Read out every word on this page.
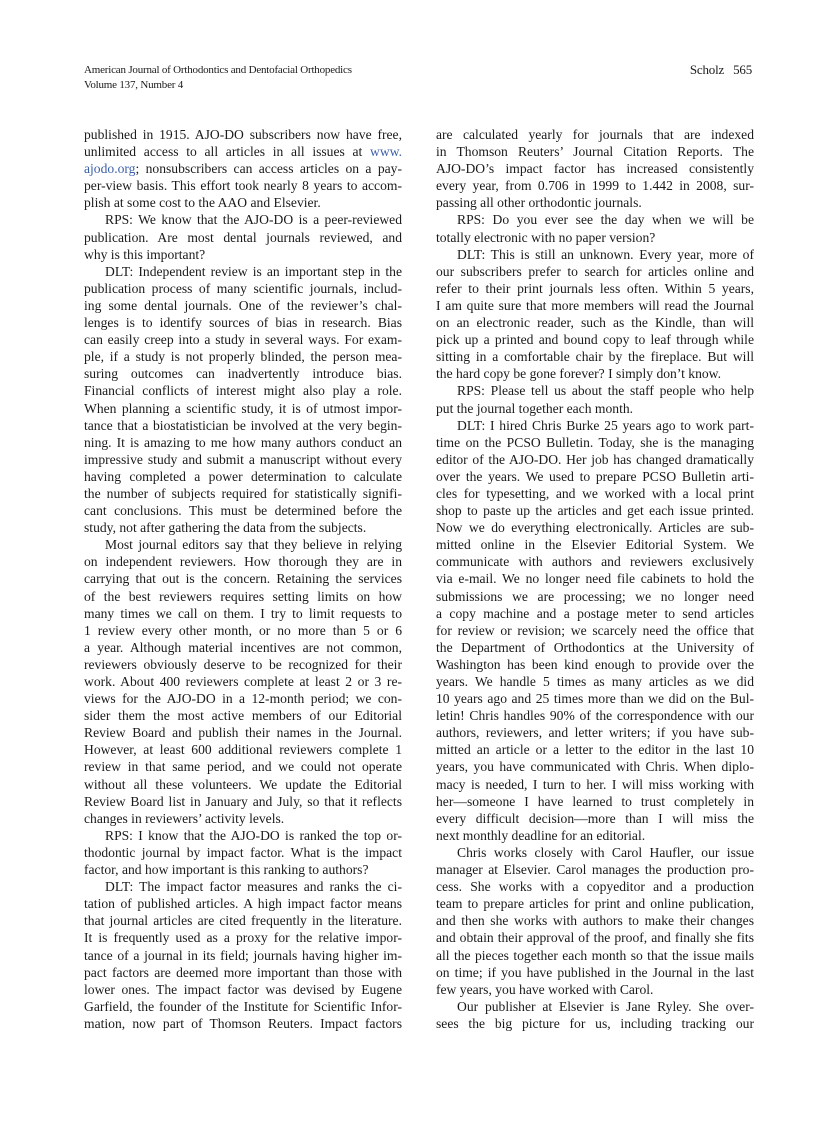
American Journal of Orthodontics and Dentofacial Orthopedics
Volume 137, Number 4
Scholz 565
published in 1915. AJO-DO subscribers now have free,
unlimited access to all articles in all issues at www.
ajodo.org; nonsubscribers can access articles on a pay-
per-view basis. This effort took nearly 8 years to accom-
plish at some cost to the AAO and Elsevier.
RPS: We know that the AJO-DO is a peer-reviewed
publication. Are most dental journals reviewed, and
why is this important?
DLT: Independent review is an important step in the
publication process of many scientific journals, includ-
ing some dental journals. One of the reviewer’s chal-
lenges is to identify sources of bias in research. Bias
can easily creep into a study in several ways. For exam-
ple, if a study is not properly blinded, the person mea-
suring outcomes can inadvertently introduce bias.
Financial conflicts of interest might also play a role.
When planning a scientific study, it is of utmost impor-
tance that a biostatistician be involved at the very begin-
ning. It is amazing to me how many authors conduct an
impressive study and submit a manuscript without every
having completed a power determination to calculate
the number of subjects required for statistically signifi-
cant conclusions. This must be determined before the
study, not after gathering the data from the subjects.
Most journal editors say that they believe in relying
on independent reviewers. How thorough they are in
carrying that out is the concern. Retaining the services
of the best reviewers requires setting limits on how
many times we call on them. I try to limit requests to
1 review every other month, or no more than 5 or 6
a year. Although material incentives are not common,
reviewers obviously deserve to be recognized for their
work. About 400 reviewers complete at least 2 or 3 re-
views for the AJO-DO in a 12-month period; we con-
sider them the most active members of our Editorial
Review Board and publish their names in the Journal.
However, at least 600 additional reviewers complete 1
review in that same period, and we could not operate
without all these volunteers. We update the Editorial
Review Board list in January and July, so that it reflects
changes in reviewers’ activity levels.
RPS: I know that the AJO-DO is ranked the top or-
thodontic journal by impact factor. What is the impact
factor, and how important is this ranking to authors?
DLT: The impact factor measures and ranks the ci-
tation of published articles. A high impact factor means
that journal articles are cited frequently in the literature.
It is frequently used as a proxy for the relative impor-
tance of a journal in its field; journals having higher im-
pact factors are deemed more important than those with
lower ones. The impact factor was devised by Eugene
Garfield, the founder of the Institute for Scientific Infor-
mation, now part of Thomson Reuters. Impact factors
are calculated yearly for journals that are indexed
in Thomson Reuters’ Journal Citation Reports. The
AJO-DO’s impact factor has increased consistently
every year, from 0.706 in 1999 to 1.442 in 2008, sur-
passing all other orthodontic journals.
RPS: Do you ever see the day when we will be
totally electronic with no paper version?
DLT: This is still an unknown. Every year, more of
our subscribers prefer to search for articles online and
refer to their print journals less often. Within 5 years,
I am quite sure that more members will read the Journal
on an electronic reader, such as the Kindle, than will
pick up a printed and bound copy to leaf through while
sitting in a comfortable chair by the fireplace. But will
the hard copy be gone forever? I simply don’t know.
RPS: Please tell us about the staff people who help
put the journal together each month.
DLT: I hired Chris Burke 25 years ago to work part-
time on the PCSO Bulletin. Today, she is the managing
editor of the AJO-DO. Her job has changed dramatically
over the years. We used to prepare PCSO Bulletin arti-
cles for typesetting, and we worked with a local print
shop to paste up the articles and get each issue printed.
Now we do everything electronically. Articles are sub-
mitted online in the Elsevier Editorial System. We
communicate with authors and reviewers exclusively
via e-mail. We no longer need file cabinets to hold the
submissions we are processing; we no longer need
a copy machine and a postage meter to send articles
for review or revision; we scarcely need the office that
the Department of Orthodontics at the University of
Washington has been kind enough to provide over the
years. We handle 5 times as many articles as we did
10 years ago and 25 times more than we did on the Bul-
letin! Chris handles 90% of the correspondence with our
authors, reviewers, and letter writers; if you have sub-
mitted an article or a letter to the editor in the last 10
years, you have communicated with Chris. When diplo-
macy is needed, I turn to her. I will miss working with
her—someone I have learned to trust completely in
every difficult decision—more than I will miss the
next monthly deadline for an editorial.
Chris works closely with Carol Haufler, our issue
manager at Elsevier. Carol manages the production pro-
cess. She works with a copyeditor and a production
team to prepare articles for print and online publication,
and then she works with authors to make their changes
and obtain their approval of the proof, and finally she fits
all the pieces together each month so that the issue mails
on time; if you have published in the Journal in the last
few years, you have worked with Carol.
Our publisher at Elsevier is Jane Ryley. She over-
sees the big picture for us, including tracking our
